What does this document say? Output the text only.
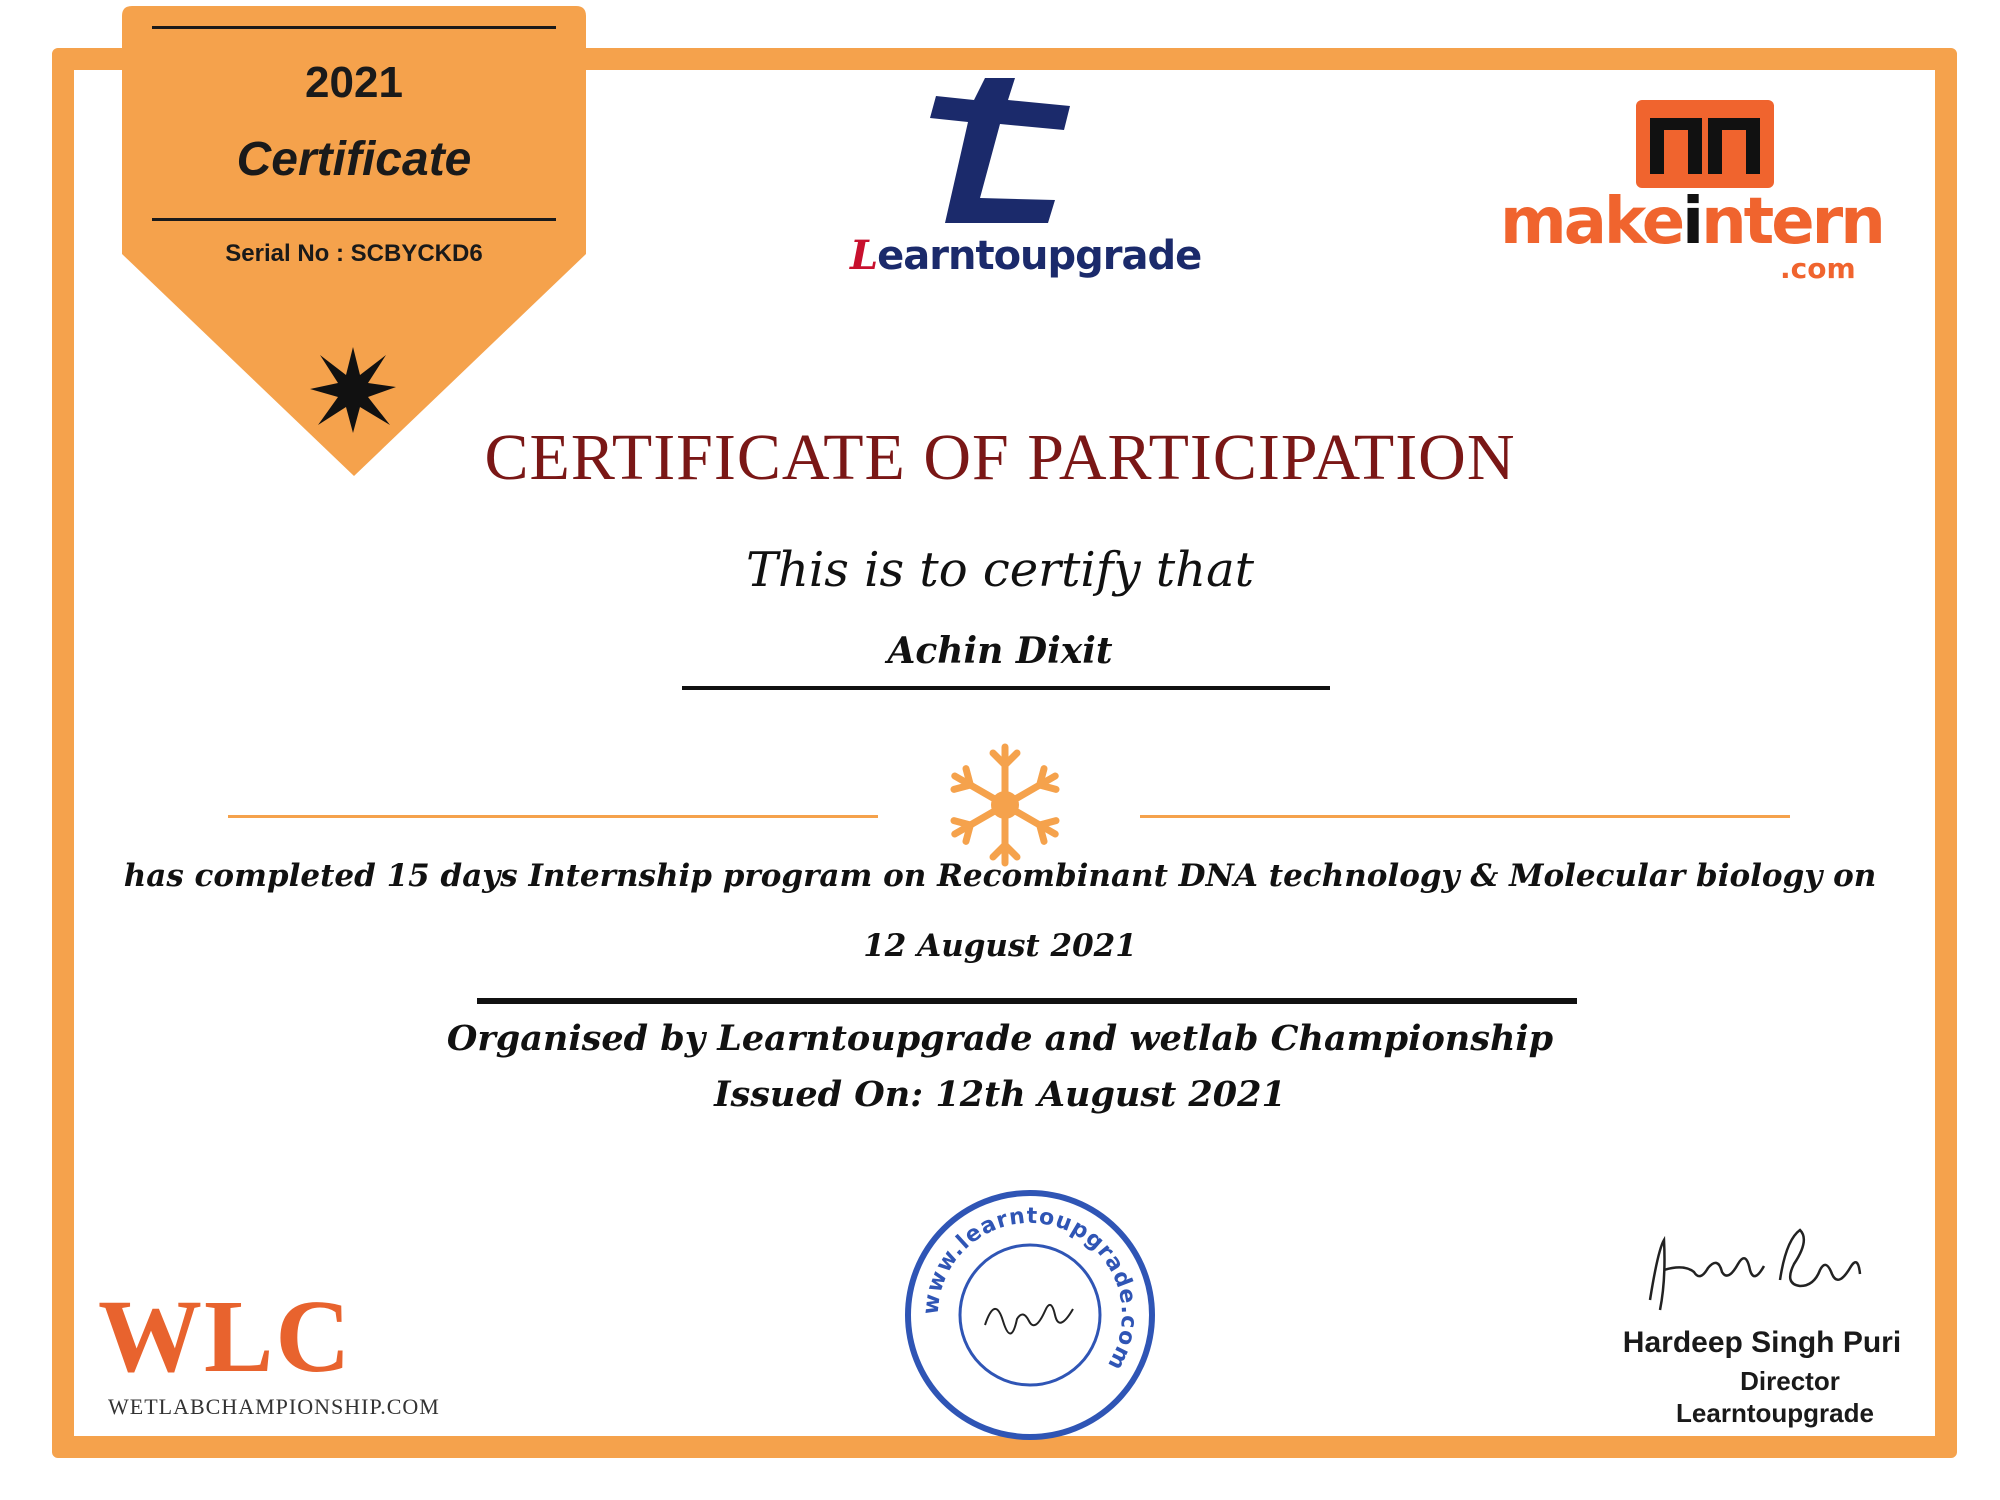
2021
Certificate
Serial No : SCBYCKD6	Learntoupgrade	makeintern
.com
CERTIFICATE OF PARTICIPATION
This is to certify that
Achin Dixit
has completed 15 days Internship program on Recombinant DNA technology & Molecular biology on
12 August 2021
Organised by Learntoupgrade and wetlab Championship
Issued On: 12th August 2021
WLC
WETLABCHAMPIONSHIP.COM
www.learntoupgrade.com	Hardeep Singh Puri
Director
Learntoupgrade
